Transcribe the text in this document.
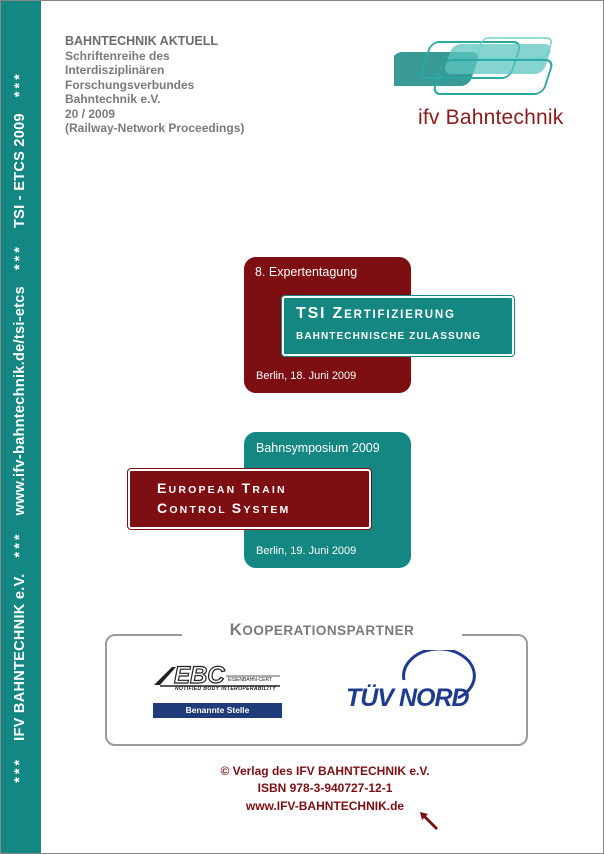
***IFV BAHNTECHNIK e.V.***www.ifv-bahntechnik.de/tsi-etcs***TSI - ETCS 2009***
BAHNTECHNIK AKTUELL
Schriftenreihe des
Interdisziplinären
Forschungsverbundes
Bahntechnik e.V.
20 / 2009
(Railway-Network Proceedings)	ifv Bahntechnik
8. Expertentagung
TSI ZERTIFIZIERUNG
BAHNTECHNISCHE ZULASSUNG
Berlin, 18. Juni 2009
Bahnsymposium 2009
EUROPEAN TRAIN
CONTROL SYSTEM
Berlin, 19. Juni 2009
KOOPERATIONSPARTNER
EBC EISENBAHN-CERT
NOTIFIED BODY INTEROPERABILITY
Benannte Stelle Interoperabilität
TÜV NORD
© Verlag des IFV BAHNTECHNIK e.V.
ISBN 978-3-940727-12-1
www.IFV-BAHNTECHNIK.de
